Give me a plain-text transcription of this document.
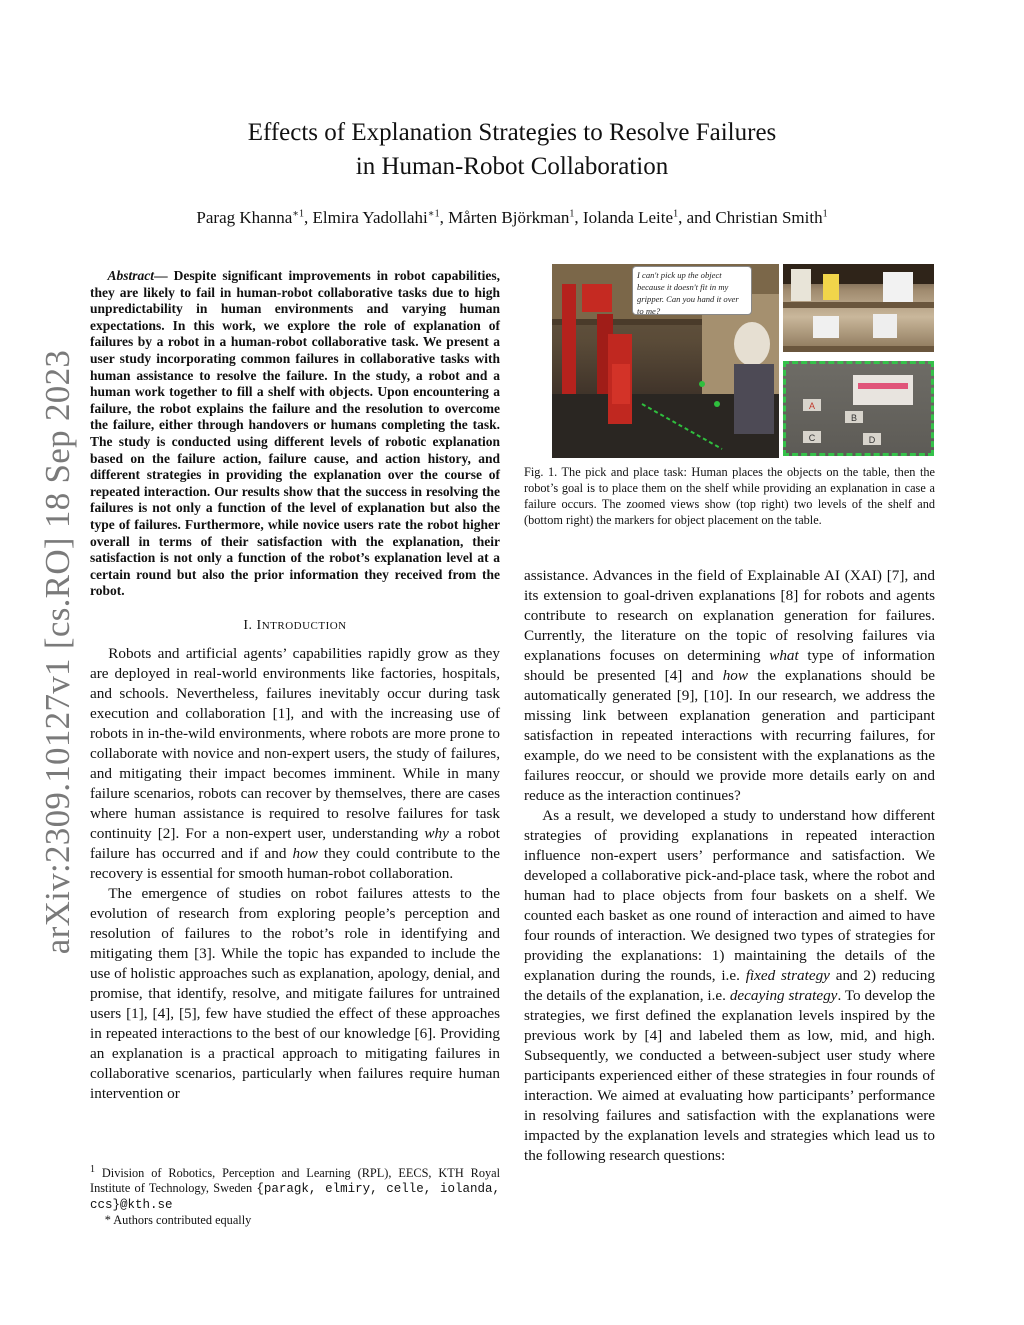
arXiv:2309.10127v1 [cs.RO] 18 Sep 2023
Effects of Explanation Strategies to Resolve Failures
in Human-Robot Collaboration
Parag Khanna$^{∗1}$, Elmira Yadollahi$^{∗1}$, Mårten Björkman$^1$, Iolanda Leite$^1$, and Christian Smith$^1$
Abstract— Despite significant improvements in robot capabilities, they are likely to fail in human-robot collaborative tasks due to high unpredictability in human environments and varying human expectations. In this work, we explore the role of explanation of failures by a robot in a human-robot collaborative task. We present a user study incorporating common failures in collaborative tasks with human assistance to resolve the failure. In the study, a robot and a human work together to fill a shelf with objects. Upon encountering a failure, the robot explains the failure and the resolution to overcome the failure, either through handovers or humans completing the task. The study is conducted using different levels of robotic explanation based on the failure action, failure cause, and action history, and different strategies in providing the explanation over the course of repeated interaction. Our results show that the success in resolving the failures is not only a function of the level of explanation but also the type of failures. Furthermore, while novice users rate the robot higher overall in terms of their satisfaction with the explanation, their satisfaction is not only a function of the robot’s explanation level at a certain round but also the prior information they received from the robot.
I. INTRODUCTION

Robots and artificial agents’ capabilities rapidly grow as they are deployed in real-world environments like factories, hospitals, and schools. Nevertheless, failures inevitably occur during task execution and collaboration [1], and with the increasing use of robots in in-the-wild environments, where robots are more prone to collaborate with novice and non-expert users, the study of failures, and mitigating their impact becomes imminent. While in many failure scenarios, robots can recover by themselves, there are cases where human assistance is required to resolve failures for task continuity [2]. For a non-expert user, understanding why a robot failure has occurred and if and how they could contribute to the recovery is essential for smooth human-robot collaboration.

The emergence of studies on robot failures attests to the evolution of research from exploring people’s perception and resolution of failures to the robot’s role in identifying and mitigating them [3]. While the topic has expanded to include the use of holistic approaches such as explanation, apology, denial, and promise, that identify, resolve, and mitigate failures for untrained users [1], [4], [5], few have studied the effect of these approaches in repeated interactions to the best of our knowledge [6]. Providing an explanation is a practical approach to mitigating failures in collaborative scenarios, particularly when failures require human intervention or

I can't pick up the object because it doesn't fit in my gripper. Can you hand it over to me?
A
B
C	D
Fig. 1. The pick and place task: Human places the objects on the table, then the robot’s goal is to place them on the shelf while providing an explanation in case a failure occurs. The zoomed views show (top right) two levels of the shelf and (bottom right) the markers for object placement on the table.

assistance. Advances in the field of Explainable AI (XAI) [7], and its extension to goal-driven explanations [8] for robots and agents contribute to research on explanation generation for failures. Currently, the literature on the topic of resolving failures via explanations focuses on determining what type of information should be presented [4] and how the explanations should be automatically generated [9], [10]. In our research, we address the missing link between explanation generation and participant satisfaction in repeated interactions with recurring failures, for example, do we need to be consistent with the explanations as the failures reoccur, or should we provide more details early on and reduce as the interaction continues?

As a result, we developed a study to understand how different strategies of providing explanations in repeated interaction influence non-expert users’ performance and satisfaction. We developed a collaborative pick-and-place task, where the robot and human had to place objects from four baskets on a shelf. We counted each basket as one round of interaction and aimed to have four rounds of interaction. We designed two types of strategies for providing the explanations: 1) maintaining the details of the explanation during the rounds, i.e. fixed strategy and 2) reducing the details of the explanation, i.e. decaying strategy. To develop the strategies, we first defined the explanation levels inspired by the previous work by [4] and labeled them as low, mid, and high. Subsequently, we conducted a between-subject user study where participants experienced either of these strategies in four rounds of interaction. We aimed at evaluating how participants’ performance in resolving failures and satisfaction with the explanations were impacted by the explanation levels and strategies which lead us to the following research questions:

$^1$ Division of Robotics, Perception and Learning (RPL), EECS, KTH Royal Institute of Technology, Sweden {paragk, elmiry, celle, iolanda, ccs}@kth.se

* Authors contributed equally
